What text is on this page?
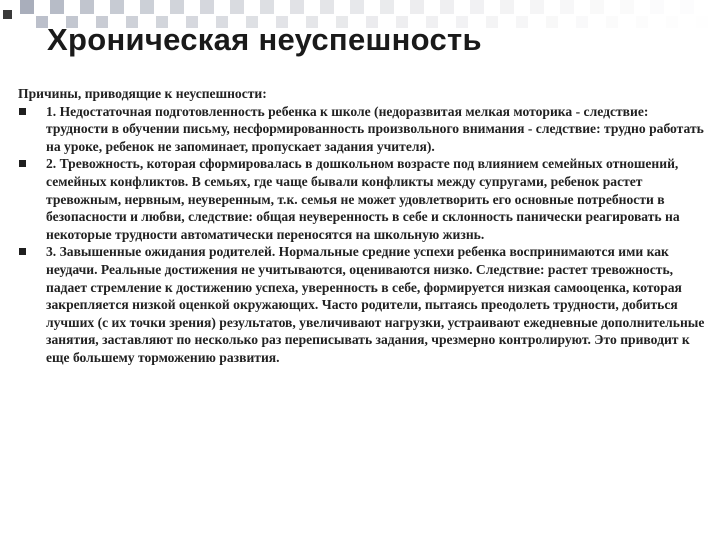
Хроническая неуспешность

Причины, приводящие к неуспешности:

1. Недостаточная подготовленность ребенка к школе (недоразвитая мелкая моторика - следствие: трудности в обучении письму, несформированность произвольного внимания - следствие: трудно работать на уроке, ребенок не запоминает, пропускает задания учителя).
2. Тревожность, которая сформировалась в дошкольном возрасте под влиянием семейных отношений, семейных конфликтов. В семьях, где чаще бывали конфликты между супругами, ребенок растет тревожным, нервным, неуверенным, т.к. семья не может удовлетворить его основные потребности в безопасности и любви, следствие: общая неуверенность в себе и склонность панически реагировать на некоторые трудности автоматически переносятся на школьную жизнь.
3. Завышенные ожидания родителей. Нормальные средние успехи ребенка воспринимаются ими как неудачи. Реальные достижения не учитываются, оцениваются низко. Следствие: растет тревожность, падает стремление к достижению успеха, уверенность в себе, формируется низкая самооценка, которая закрепляется низкой оценкой окружающих. Часто родители, пытаясь преодолеть трудности, добиться лучших (с их точки зрения) результатов, увеличивают нагрузки, устраивают ежедневные дополнительные занятия, заставляют по несколько раз переписывать задания, чрезмерно контролируют. Это приводит к еще большему торможению развития.
